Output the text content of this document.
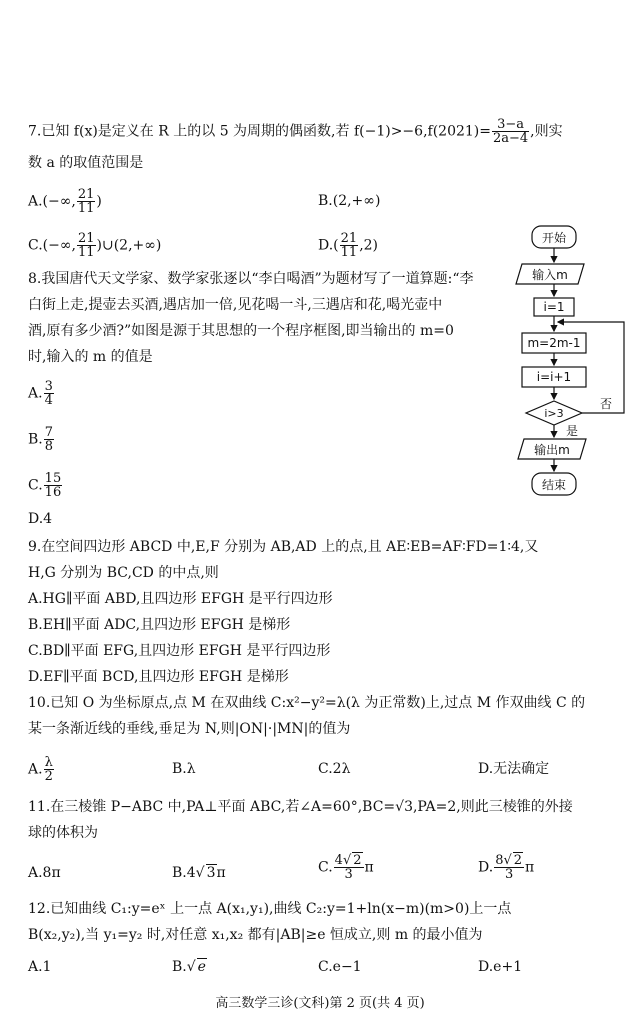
7.已知 f(x)是定义在 R 上的以 5 为周期的偶函数,若 $f(-1)>-6,f(2021)= \frac{3-a}{2a-4}$ ,则实
数 a 的取值范围是
A.(−∞, $\frac{21}{11}$ )	B.(2,+∞)
C.(−∞, $\frac{21}{11}$ )∪(2,+∞)	$D.( \frac{21}{11} ,2)$
8.我国唐代天文学家、数学家张逐以“李白喝酒”为题材写了一道算题:“李
白街上走,提壶去买酒,遇店加一倍,见花喝一斗,三遇店和花,喝光壶中
酒,原有多少酒?”如图是源于其思想的一个程序框图,即当输出的 m=0
时,输入的 m 的值是
A. $\frac{3}{4}$
B. $\frac{7}{8}$
C. $\frac{15}{16}$
D.4
开始
输入m
i=1
m=2m-1
i=i+1
i>3
否
是
输出m
结束
9.在空间四边形 ABCD 中,E,F 分别为 AB,AD 上的点,且 AE∶EB=AF∶FD=1∶4,又
H,G 分别为 BC,CD 的中点,则
A.HG∥平面 ABD,且四边形 EFGH 是平行四边形
B.EH∥平面 ADC,且四边形 EFGH 是梯形
C.BD∥平面 EFG,且四边形 EFGH 是平行四边形
D.EF∥平面 BCD,且四边形 EFGH 是梯形
10.已知 O 为坐标原点,点 M 在双曲线 C:x²−y²=λ(λ 为正常数)上,过点 M 作双曲线 C 的
某一条渐近线的垂线,垂足为 N,则|ON|·|MN|的值为
A. $\frac{\lambda}{2}$	B.λ	C.2λ	D.无法确定
11.在三棱锥 P−ABC 中,PA⊥平面 ABC,若∠A=60°,BC=√3,PA=2,则此三棱锥的外接
球的体积为
A.8π	B.4√ 3π	C. $\frac{4√ 2}{3}$ π	D. $\frac{8√ 2}{3}$ π
12.已知曲线 C₁:y=eˣ 上一点 A(x₁,y₁),曲线 C₂:y=1+ln(x−m)(m>0)上一点
B(x₂,y₂),当 y₁=y₂ 时,对任意 x₁,x₂ 都有|AB|≥e 恒成立,则 m 的最小值为
A.1	B.√ e	C.e−1	D.e+1
高三数学三诊(文科)第 2 页(共 4 页)
